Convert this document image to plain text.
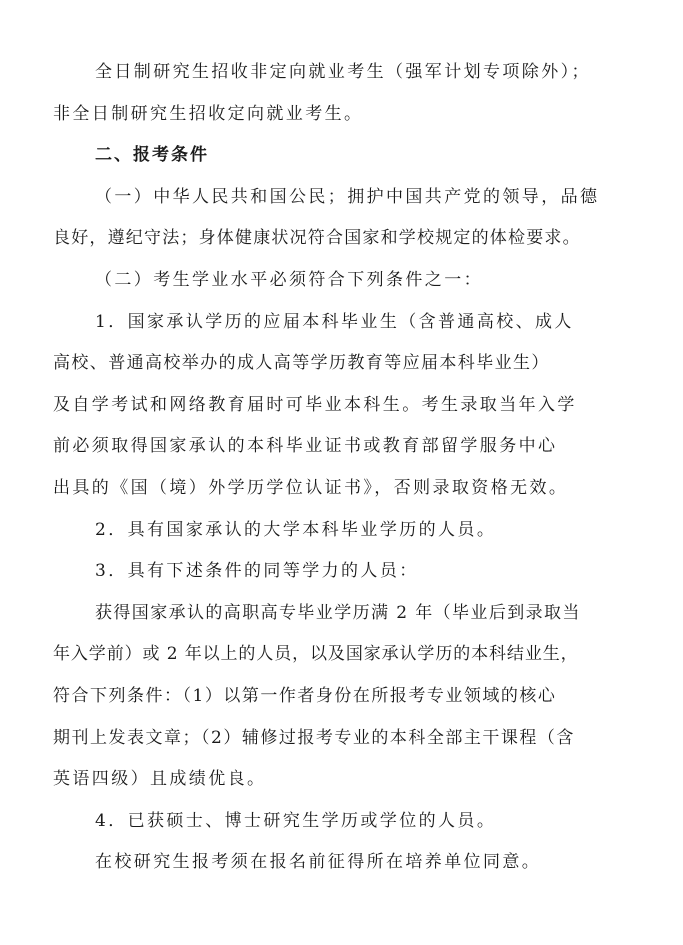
全日制研究生招收非定向就业考生（强军计划专项除外）；
非全日制研究生招收定向就业考生。
二、报考条件
（一）中华人民共和国公民；拥护中国共产党的领导，品德
良好，遵纪守法；身体健康状况符合国家和学校规定的体检要求。
（二）考生学业水平必须符合下列条件之一：
1．国家承认学历的应届本科毕业生（含普通高校、成人
高校、普通高校举办的成人高等学历教育等应届本科毕业生）
及自学考试和网络教育届时可毕业本科生。考生录取当年入学
前必须取得国家承认的本科毕业证书或教育部留学服务中心
出具的《国（境）外学历学位认证书》，否则录取资格无效。
2．具有国家承认的大学本科毕业学历的人员。
3．具有下述条件的同等学力的人员：
获得国家承认的高职高专毕业学历满 2 年（毕业后到录取当
年入学前）或 2 年以上的人员，以及国家承认学历的本科结业生，
符合下列条件：（1）以第一作者身份在所报考专业领域的核心
期刊上发表文章；（2）辅修过报考专业的本科全部主干课程（含
英语四级）且成绩优良。
4．已获硕士、博士研究生学历或学位的人员。
在校研究生报考须在报名前征得所在培养单位同意。
